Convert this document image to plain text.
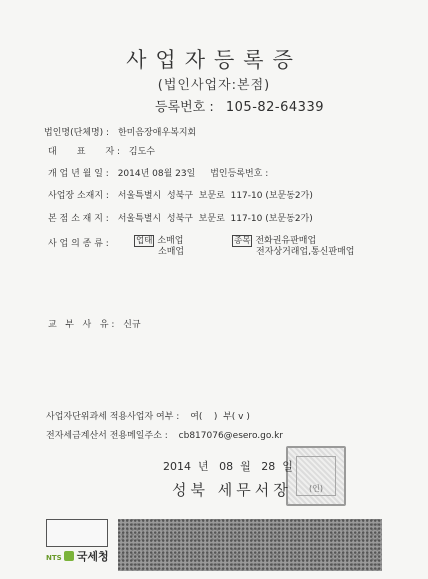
사업자등록증
(법인사업자:본점)
등록번호 : 105-82-64339
법인명(단체명) : 한미음장애우복지회
대       표       자 : 김도수
개 업 년 월 일 : 2014년 08월 23일 법인등록번호 :
사업장 소재지 : 서울특별시  성북구  보문로  117-10 (보문동2가)
본 점 소 재 지 : 서울특별시  성북구  보문로  117-10 (보문동2가)
사 업 의 종 류 :	업태 소매업
소매업
종목 전화권유판매업
전자상거래업,통신판매업
교   부   사   유 : 신규
사업자단위과세 적용사업자 여부 : 여(    )  부( v )
전자세금계산서 전용메일주소 : cb817076@esero.go.kr
(인)
2014  년   08  월   28  일
성북 세무서장
NTS 국세청
